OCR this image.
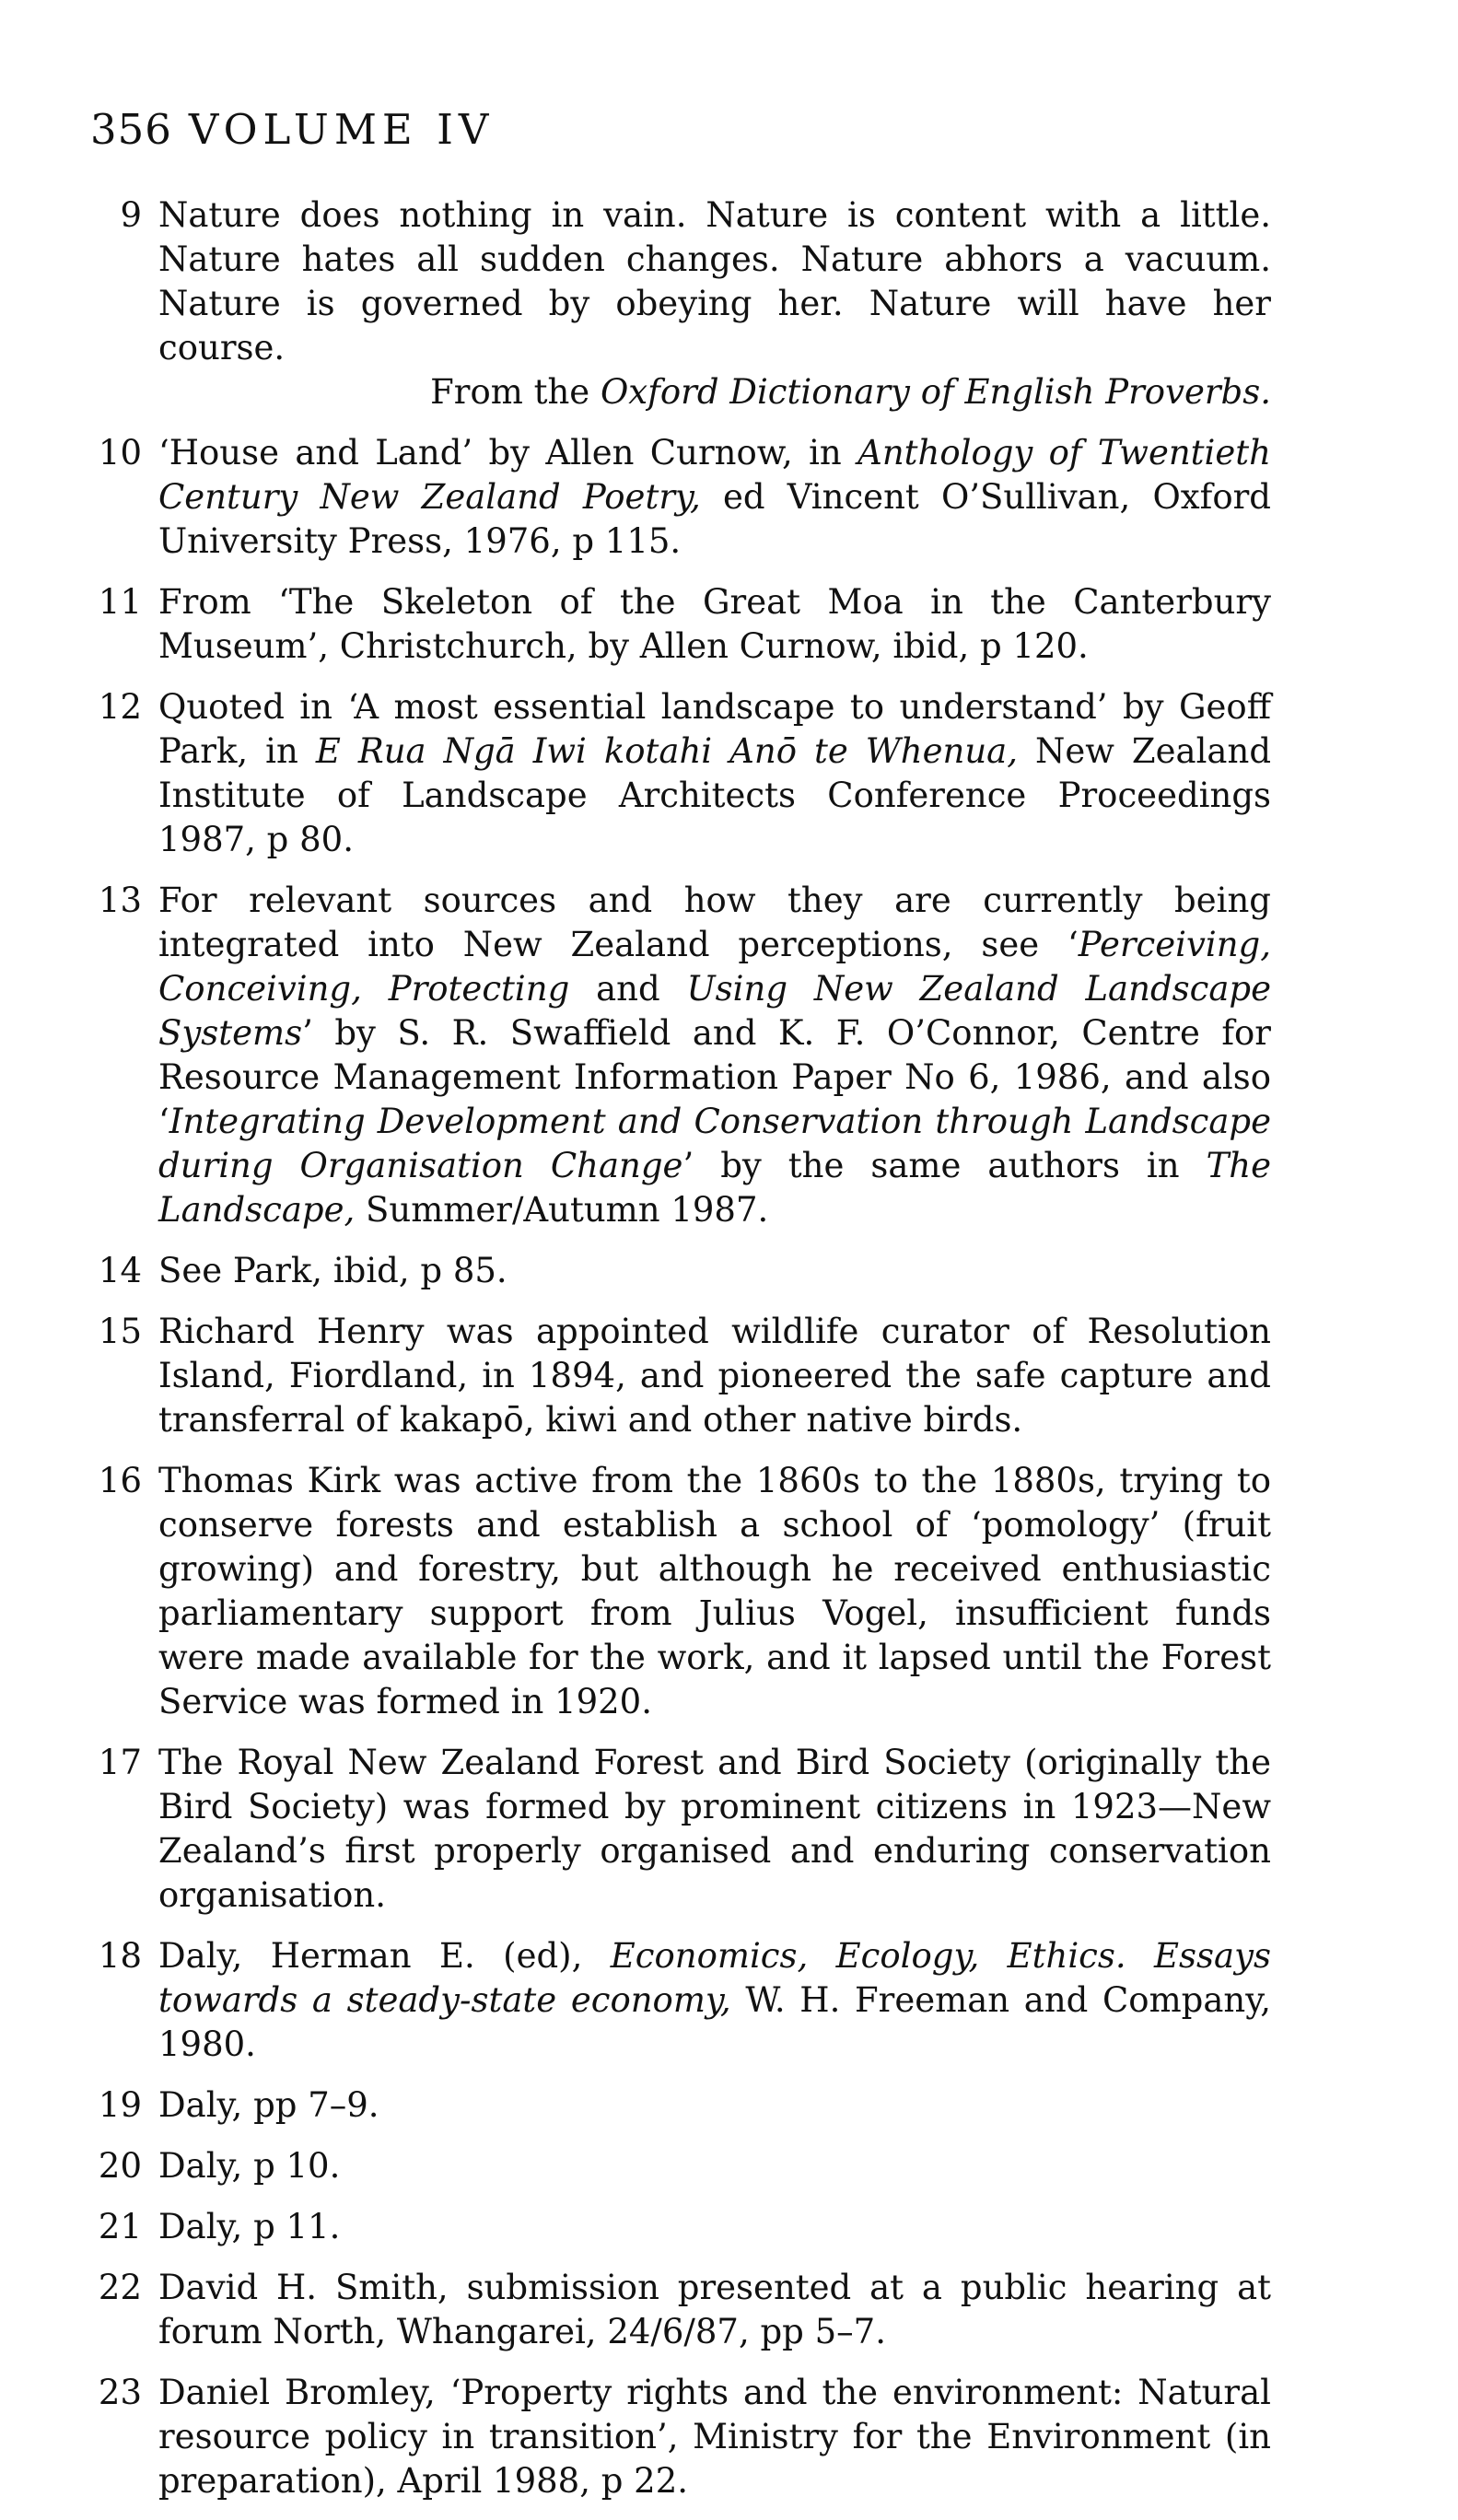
356 VOLUME IV
9 Nature does nothing in vain. Nature is content with a little. Nature hates all sudden changes. Nature abhors a vacuum. Nature is governed by obeying her. Nature will have her course.
From the Oxford Dictionary of English Proverbs.
10 ‘House and Land’ by Allen Curnow, in Anthology of Twentieth Century New Zealand Poetry, ed Vincent O’Sullivan, Oxford University Press, 1976, p 115.
11 From ‘The Skeleton of the Great Moa in the Canterbury Museum’, Christchurch, by Allen Curnow, ibid, p 120.
12 Quoted in ‘A most essential landscape to understand’ by Geoff Park, in E Rua Ngā Iwi kotahi Anō te Whenua, New Zealand Institute of Landscape Architects Conference Proceedings 1987, p 80.
13 For relevant sources and how they are currently being integrated into New Zealand perceptions, see ‘Perceiving, Conceiving, Protecting and Using New Zealand Landscape Systems’ by S. R. Swaffield and K. F. O’Connor, Centre for Resource Management Information Paper No 6, 1986, and also ‘Integrating Development and Conservation through Landscape during Organisation Change’ by the same authors in The Landscape, Summer/Autumn 1987.
14 See Park, ibid, p 85.
15 Richard Henry was appointed wildlife curator of Resolution Island, Fiordland, in 1894, and pioneered the safe capture and transferral of kakapō, kiwi and other native birds.
16 Thomas Kirk was active from the 1860s to the 1880s, trying to conserve forests and establish a school of ‘pomology’ (fruit growing) and forestry, but although he received enthusiastic parliamentary support from Julius Vogel, insufficient funds were made available for the work, and it lapsed until the Forest Service was formed in 1920.
17 The Royal New Zealand Forest and Bird Society (originally the Bird Society) was formed by prominent citizens in 1923—New Zealand’s first properly organised and enduring conservation organisation.
18 Daly, Herman E. (ed), Economics, Ecology, Ethics. Essays towards a steady-state economy, W. H. Freeman and Company, 1980.
19 Daly, pp 7–9.
20 Daly, p 10.
21 Daly, p 11.
22 David H. Smith, submission presented at a public hearing at forum North, Whangarei, 24/6/87, pp 5–7.
23 Daniel Bromley, ‘Property rights and the environment: Natural resource policy in transition’, Ministry for the Environment (in preparation), April 1988, p 22.
